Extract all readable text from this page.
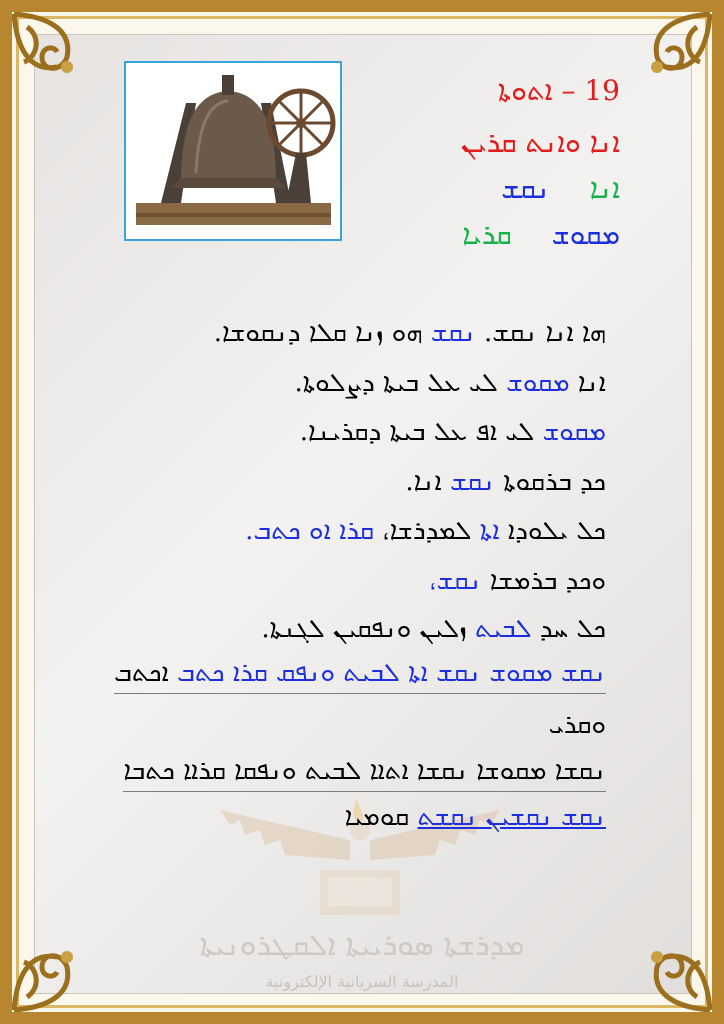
19 – ܐܬܘܬܐ
ܐܢܐ ܘܐܢܬ ܩܪܝܢ
ܐܢܐܢܩܫ
ܡܩܘܫܩܪܝܐ
ܡܕܪܫܬܐ ܣܘܪܝܝܬܐ ܐܠܩܛܪܘܢܝܬܐ
المدرسة السريانية الإلكترونية
ܗܐ ܐܢܐ ܢܩܫ. ܢܩܫ ܗܘ ܙܢܐ ܩܠܐ ܕܢܩܘܫܐ.
ܐܢܐ ܡܩܘܫ ܠܝ ܥܠ ܒܝܬܐ ܕܨܠܘܬܐ.
ܡܩܘܫ ܠܝ ܐܦ ܥܠ ܒܝܬܐ ܕܩܪܝܢܐ.
ܟܕ ܒܪܩܘܬܐ ܢܩܫ ܐܢܐ.
ܟܠ ܝܠܘܕܐ ܐܬܐ ܠܡܕܪܫܐ، ܩܪܐ ܐܘ ܟܬܒ.
ܘܟܕ ܒܪܡܫܐ ܢܩܫ،
ܟܠ ܚܕ ܠܒܝܬ ܙܠܝܢ ܘܢܦܩܝܢ ܠܓܢܬܐ.
ܢܩܫ ܡܩܘܫ ܢܩܫ ܐܬܐ ܠܒܝܬ ܘܢܦܩ ܩܪܐ ܟܬܒ ܐܟܬܒ
ܘܩܪܝ
ܢܩܫܐ ܡܩܘܫܐ ܢܩܫܐ ܐܬܐܐ ܠܒܝܬ ܘܢܦܩܐ ܩܪܐܐ ܟܬܒܐ
ܢܩܫ ܢܩܫܝܢ ܢܩܫܬ ܩܘܡܝܐ
